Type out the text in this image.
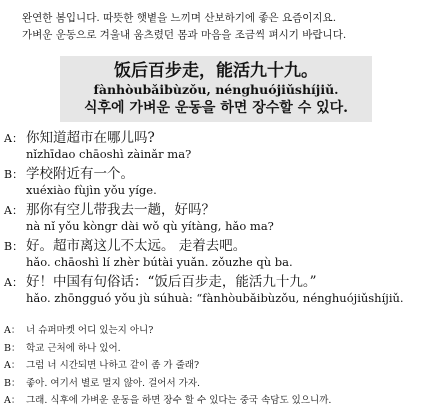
완연한 봄입니다. 따뜻한 햇볕을 느끼며 산보하기에 좋은 요즘이지요.
가벼운 운동으로 겨울내 움츠렸던 몸과 마음을 조금씩 펴시기 바랍니다.
饭后百步走，能活九十九。
fànhòubǎibùzǒu, nénghuójiǔshíjiǔ.
식후에 가벼운 운동을 하면 장수할 수 있다.
A： 你知道超市在哪儿吗?
nǐzhīdao chāoshì zàinǎr ma?
B： 学校附近有一个。
xuéxiào fùjìn yǒu yíge.
A： 那你有空儿带我去一趟，好吗？
nà nǐ yǒu kòngr dài wǒ qù yítàng, hǎo ma?
B： 好。超市离这儿不太远。 走着去吧。
hǎo. chāoshì lí zhèr bútài yuǎn. zǒuzhe qù ba.
A： 好！中国有句俗话：“饭后百步走，能活九十九。”
hǎo. zhōngguó yǒu jù súhuà: “fànhòubǎibùzǒu, nénghuójiǔshíjiǔ.
A： 너 슈퍼마켓 어디 있는지 아니?
B： 학교 근처에 하나 있어.
A： 그럼 너 시간되면 나하고 같이 좀 가 줄래?
B： 좋아. 여기서 별로 멀지 않아. 걸어서 가자.
A： 그래. 식후에 가벼운 운동을 하면 장수 할 수 있다는 중국 속담도 있으니까.
